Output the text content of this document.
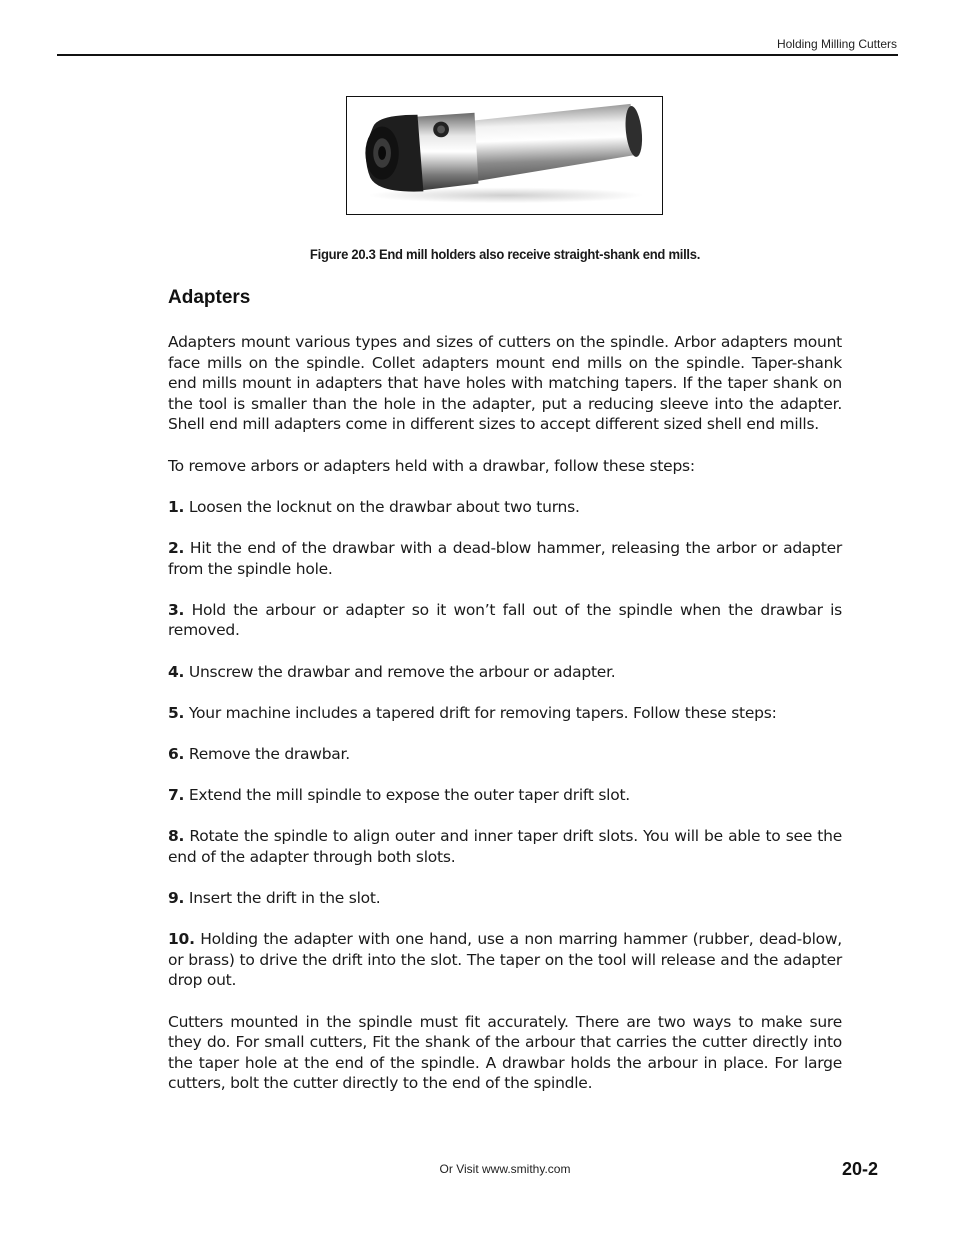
Holding Milling Cutters
Figure 20.3 End mill holders also receive straight-shank end mills.
Adapters

Adapters mount various types and sizes of cutters on the spindle. Arbor adapters mount face mills on the spindle. Collet adapters mount end mills on the spindle. Taper-shank end mills mount in adapters that have holes with matching tapers. If the taper shank on the tool is smaller than the hole in the adapter, put a reducing sleeve into the adapter. Shell end mill adapters come in different sizes to accept different sized shell end mills.

To remove arbors or adapters held with a drawbar, follow these steps:

1. Loosen the locknut on the drawbar about two turns.

2. Hit the end of the drawbar with a dead-blow hammer, releasing the arbor or adapter from the spindle hole.

3. Hold the arbour or adapter so it won’t fall out of the spindle when the drawbar is removed.

4. Unscrew the drawbar and remove the arbour or adapter.

5. Your machine includes a tapered drift for removing tapers. Follow these steps:

6. Remove the drawbar.

7. Extend the mill spindle to expose the outer taper drift slot.

8. Rotate the spindle to align outer and inner taper drift slots. You will be able to see the end of the adapter through both slots.

9. Insert the drift in the slot.

10. Holding the adapter with one hand, use a non marring hammer (rubber, dead-blow, or brass) to drive the drift into the slot. The taper on the tool will release and the adapter drop out.

Cutters mounted in the spindle must fit accurately. There are two ways to make sure they do. For small cutters, Fit the shank of the arbour that carries the cutter directly into the taper hole at the end of the spindle. A drawbar holds the arbour in place. For large cutters, bolt the cutter directly to the end of the spindle.

Or Visit www.smithy.com	20-2
